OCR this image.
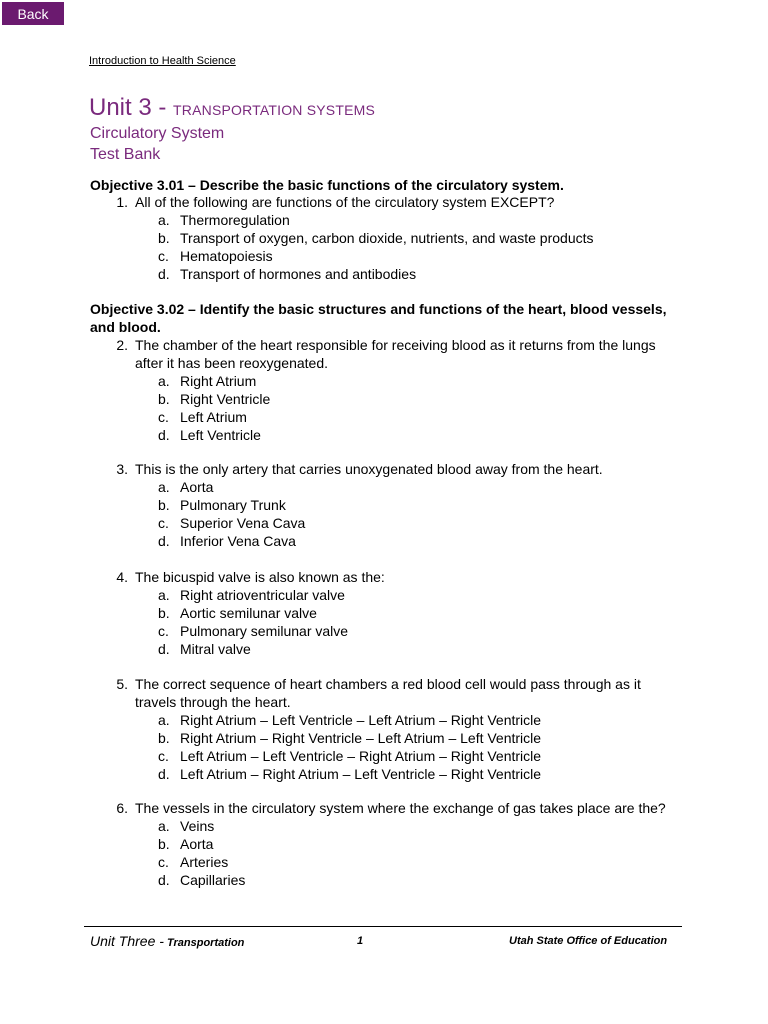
Back
Introduction to Health Science
Unit 3 - TRANSPORTATION SYSTEMS
Circulatory System
Test Bank
Objective 3.01 – Describe the basic functions of the circulatory system.
1. All of the following are functions of the circulatory system EXCEPT?
a. Thermoregulation
b. Transport of oxygen, carbon dioxide, nutrients, and waste products
c. Hematopoiesis
d. Transport of hormones and antibodies
Objective 3.02 – Identify the basic structures and functions of the heart, blood vessels, and blood.
2. The chamber of the heart responsible for receiving blood as it returns from the lungs after it has been reoxygenated.
a. Right Atrium
b. Right Ventricle
c. Left Atrium
d. Left Ventricle
3. This is the only artery that carries unoxygenated blood away from the heart.
a. Aorta
b. Pulmonary Trunk
c. Superior Vena Cava
d. Inferior Vena Cava
4. The bicuspid valve is also known as the:
a. Right atrioventricular valve
b. Aortic semilunar valve
c. Pulmonary semilunar valve
d. Mitral valve
5. The correct sequence of heart chambers a red blood cell would pass through as it travels through the heart.
a. Right Atrium – Left Ventricle – Left Atrium – Right Ventricle
b. Right Atrium – Right Ventricle – Left Atrium – Left Ventricle
c. Left Atrium – Left Ventricle – Right Atrium – Right Ventricle
d. Left Atrium – Right Atrium – Left Ventricle – Right Ventricle
6. The vessels in the circulatory system where the exchange of gas takes place are the?
a. Veins
b. Aorta
c. Arteries
d. Capillaries
Unit Three - Transportation	1	Utah State Office of Education
